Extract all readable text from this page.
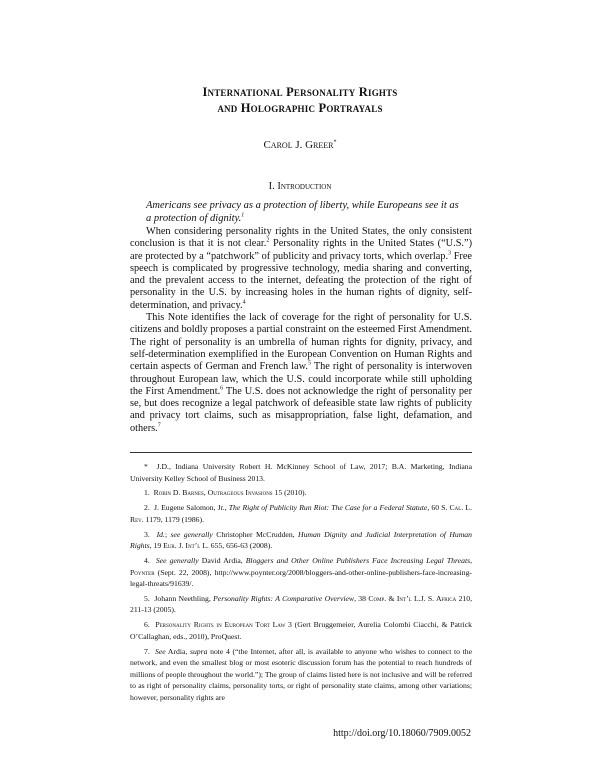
International Personality Rights
and Holographic Portrayals
Carol J. Greer*
I. Introduction
Americans see privacy as a protection of liberty, while Europeans see it as a protection of dignity.$^1$

When considering personality rights in the United States, the only consistent conclusion is that it is not clear.$^2$ Personality rights in the United States (“U.S.”) are protected by a “patchwork” of publicity and privacy torts, which overlap.$^3$ Free speech is complicated by progressive technology, media sharing and converting, and the prevalent access to the internet, defeating the protection of the right of personality in the U.S. by increasing holes in the human rights of dignity, self-determination, and privacy.$^4$

This Note identifies the lack of coverage for the right of personality for U.S. citizens and boldly proposes a partial constraint on the esteemed First Amendment. The right of personality is an umbrella of human rights for dignity, privacy, and self-determination exemplified in the European Convention on Human Rights and certain aspects of German and French law.$^5$ The right of personality is interwoven throughout European law, which the U.S. could incorporate while still upholding the First Amendment.$^6$ The U.S. does not acknowledge the right of personality per se, but does recognize a legal patchwork of defeasible state law rights of publicity and privacy tort claims, such as misappropriation, false light, defamation, and others.$^7$

* J.D., Indiana University Robert H. McKinney School of Law, 2017; B.A. Marketing, Indiana University Kelley School of Business 2013.

1. Robin D. Barnes, Outrageous Invasions 15 (2010).

2. J. Eugene Salomon, Jr., The Right of Publicity Run Riot: The Case for a Federal Statute, 60 S. Cal. L. Rev. 1179, 1179 (1986).

3. Id.; see generally Christopher McCrudden, Human Dignity and Judicial Interpretation of Human Rights, 19 Eur. J. Int’l L. 655, 656-63 (2008).

4. See generally David Ardia, Bloggers and Other Online Publishers Face Increasing Legal Threats, Poynter (Sept. 22, 2008), http://www.poynter.org/2008/bloggers-and-other-online-publishers-face-increasing-legal-threats/91639/.

5. Johann Neethling, Personality Rights: A Comparative Overview, 38 Comp. & Int’l L.J. S. Africa 210, 211-13 (2005).

6. Personality Rights in European Tort Law 3 (Gert Bruggemeier, Aurelia Colombi Ciacchi, & Patrick O’Callaghan, eds., 2010), ProQuest.

7. See Ardia, supra note 4 (“the Internet, after all, is available to anyone who wishes to connect to the network, and even the smallest blog or most esoteric discussion forum has the potential to reach hundreds of millions of people throughout the world.”); The group of claims listed here is not inclusive and will be referred to as right of personality claims, personality torts, or right of personality state claims, among other variations; however, personality rights are

http://doi.org/10.18060/7909.0052
